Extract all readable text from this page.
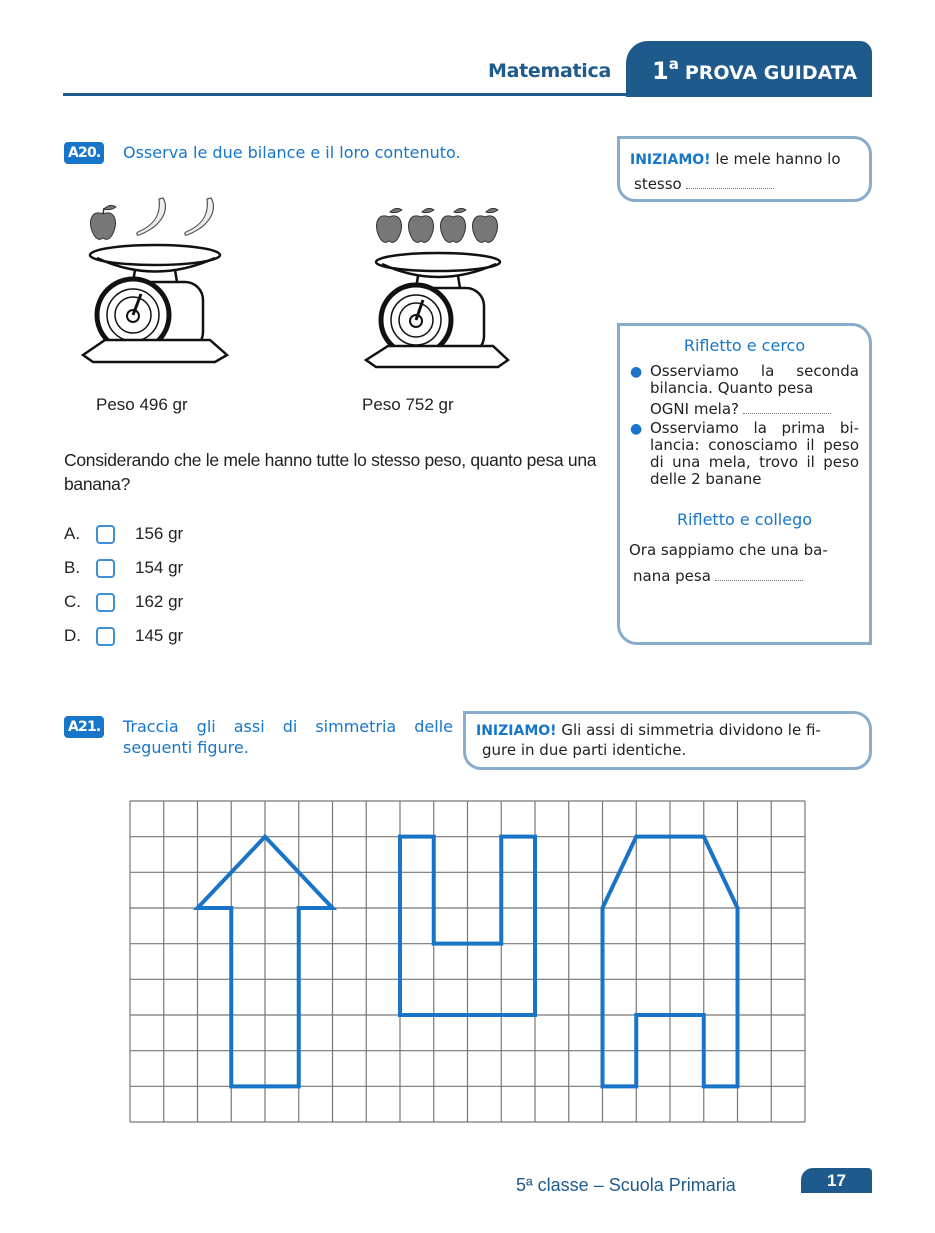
Matematica	1a PROVA GUIDATA
A20. Osserva le due bilance e il loro contenuto.	INIZIAMO! le mele hanno lo
stesso
Peso 496 gr	Peso 752 gr
Considerando che le mele hanno tutte lo stesso peso, quanto pesa una banana?
A.	156 gr
B.	154 gr
C.	162 gr
D.	145 gr
Rifletto e cerco
● Osserviamo la seconda bilancia. Quanto pesa
OGNI mela?
● Osserviamo la prima bi-lancia: conosciamo il peso di una mela, trovo il peso delle 2 banane
Rifletto e collego
Ora sappiamo che una ba-
nana pesa
A21. Traccia gli assi di simmetria delle
seguenti figure.
INIZIAMO! Gli assi di simmetria dividono le fi-
gure in due parti identiche.
5ª classe – Scuola Primaria	17
